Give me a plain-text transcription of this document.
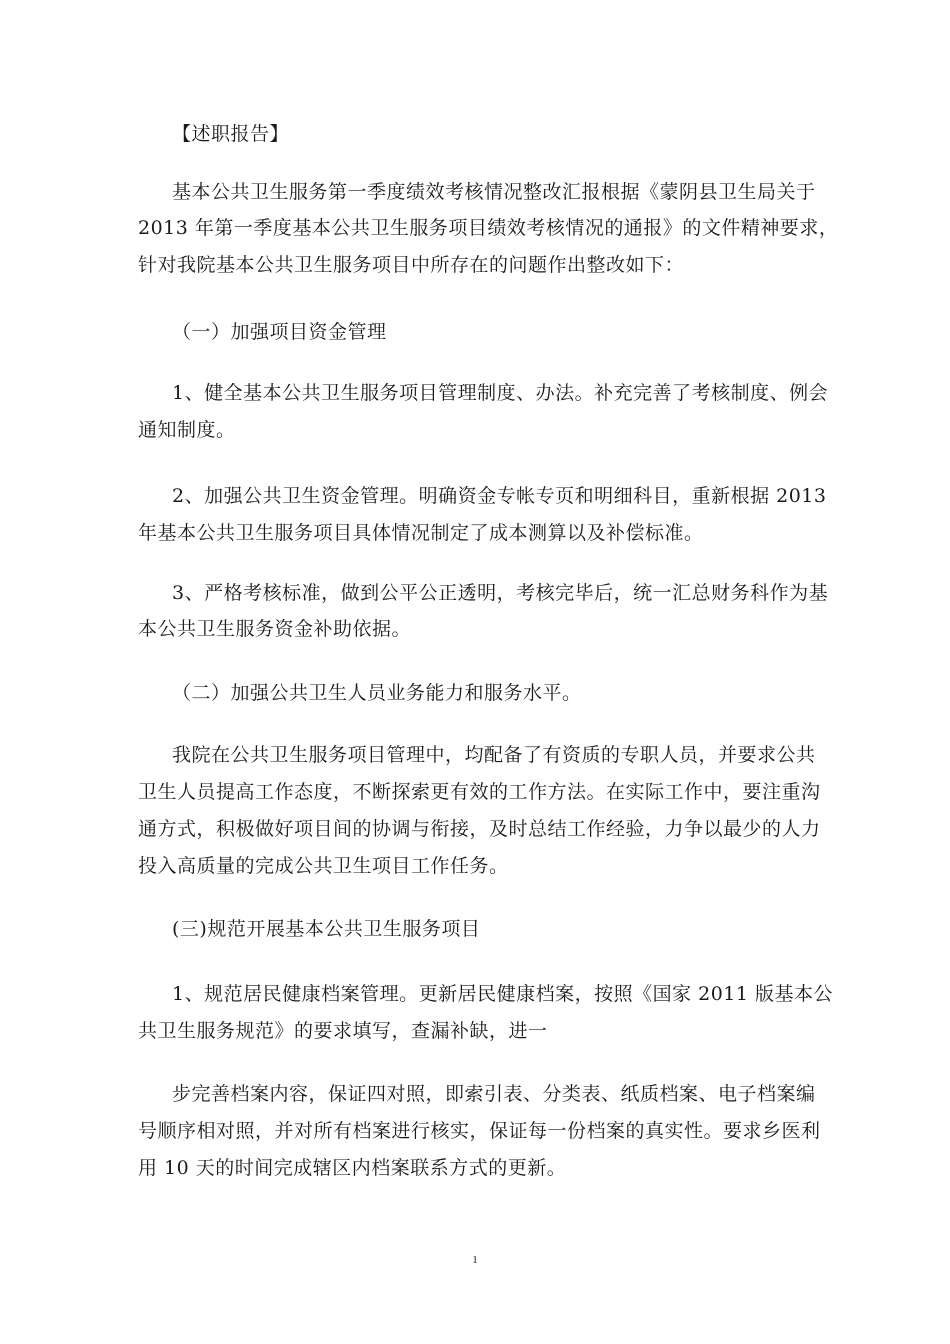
【述职报告】
基本公共卫生服务第一季度绩效考核情况整改汇报根据《蒙阴县卫生局关于
2013 年第一季度基本公共卫生服务项目绩效考核情况的通报》的文件精神要求，
针对我院基本公共卫生服务项目中所存在的问题作出整改如下：
（一）加强项目资金管理
1、健全基本公共卫生服务项目管理制度、办法。补充完善了考核制度、例会
通知制度。
2、加强公共卫生资金管理。明确资金专帐专页和明细科目，重新根据 2013
年基本公共卫生服务项目具体情况制定了成本测算以及补偿标准。
3、严格考核标准，做到公平公正透明，考核完毕后，统一汇总财务科作为基
本公共卫生服务资金补助依据。
（二）加强公共卫生人员业务能力和服务水平。
我院在公共卫生服务项目管理中，均配备了有资质的专职人员，并要求公共
卫生人员提高工作态度，不断探索更有效的工作方法。在实际工作中，要注重沟
通方式，积极做好项目间的协调与衔接，及时总结工作经验，力争以最少的人力
投入高质量的完成公共卫生项目工作任务。
(三)规范开展基本公共卫生服务项目
1、规范居民健康档案管理。更新居民健康档案，按照《国家 2011 版基本公
共卫生服务规范》的要求填写，查漏补缺，进一
步完善档案内容，保证四对照，即索引表、分类表、纸质档案、电子档案编
号顺序相对照，并对所有档案进行核实，保证每一份档案的真实性。要求乡医利
用 10 天的时间完成辖区内档案联系方式的更新。
1
